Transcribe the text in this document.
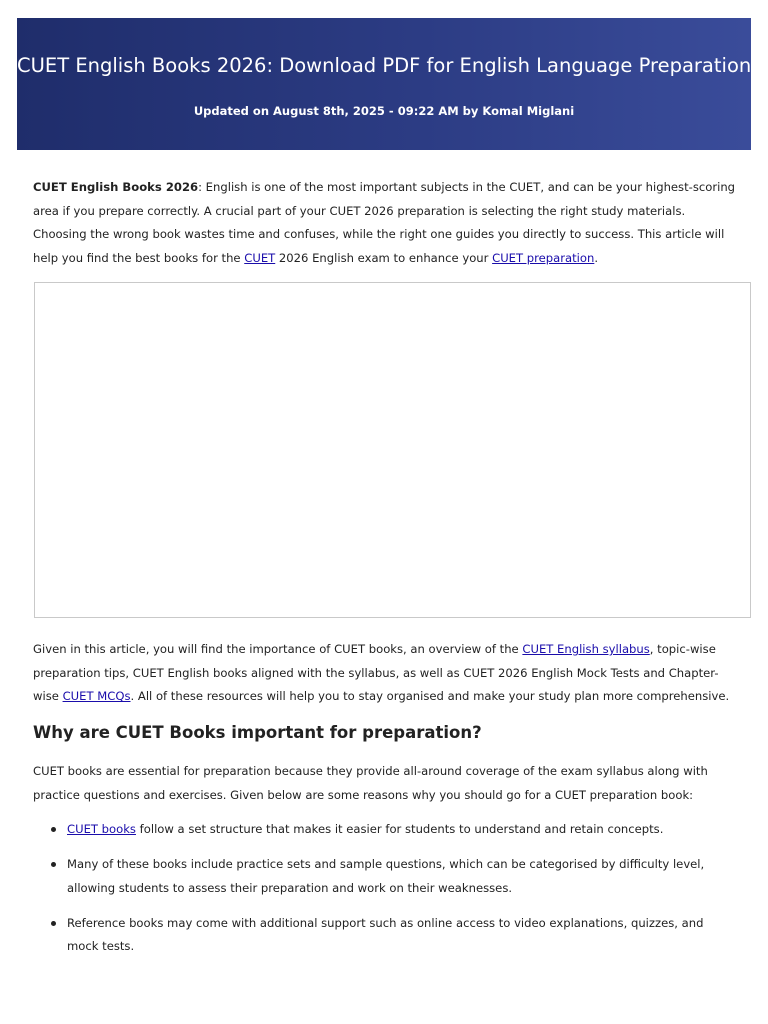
CUET English Books 2026: Download PDF for English Language Preparation
Updated on August 8th, 2025 - 09:22 AM by Komal Miglani

CUET English Books 2026: English is one of the most important subjects in the CUET, and can be your highest-scoring area if you prepare correctly. A crucial part of your CUET 2026 preparation is selecting the right study materials. Choosing the wrong book wastes time and confuses, while the right one guides you directly to success. This article will help you find the best books for the CUET 2026 English exam to enhance your CUET preparation.

Given in this article, you will find the importance of CUET books, an overview of the CUET English syllabus, topic-wise preparation tips, CUET English books aligned with the syllabus, as well as CUET 2026 English Mock Tests and Chapter-wise CUET MCQs. All of these resources will help you to stay organised and make your study plan more comprehensive.

Why are CUET Books important for preparation?

CUET books are essential for preparation because they provide all-around coverage of the exam syllabus along with practice questions and exercises. Given below are some reasons why you should go for a CUET preparation book:

CUET books follow a set structure that makes it easier for students to understand and retain concepts.
Many of these books include practice sets and sample questions, which can be categorised by difficulty level, allowing students to assess their preparation and work on their weaknesses.
Reference books may come with additional support such as online access to video explanations, quizzes, and mock tests.
